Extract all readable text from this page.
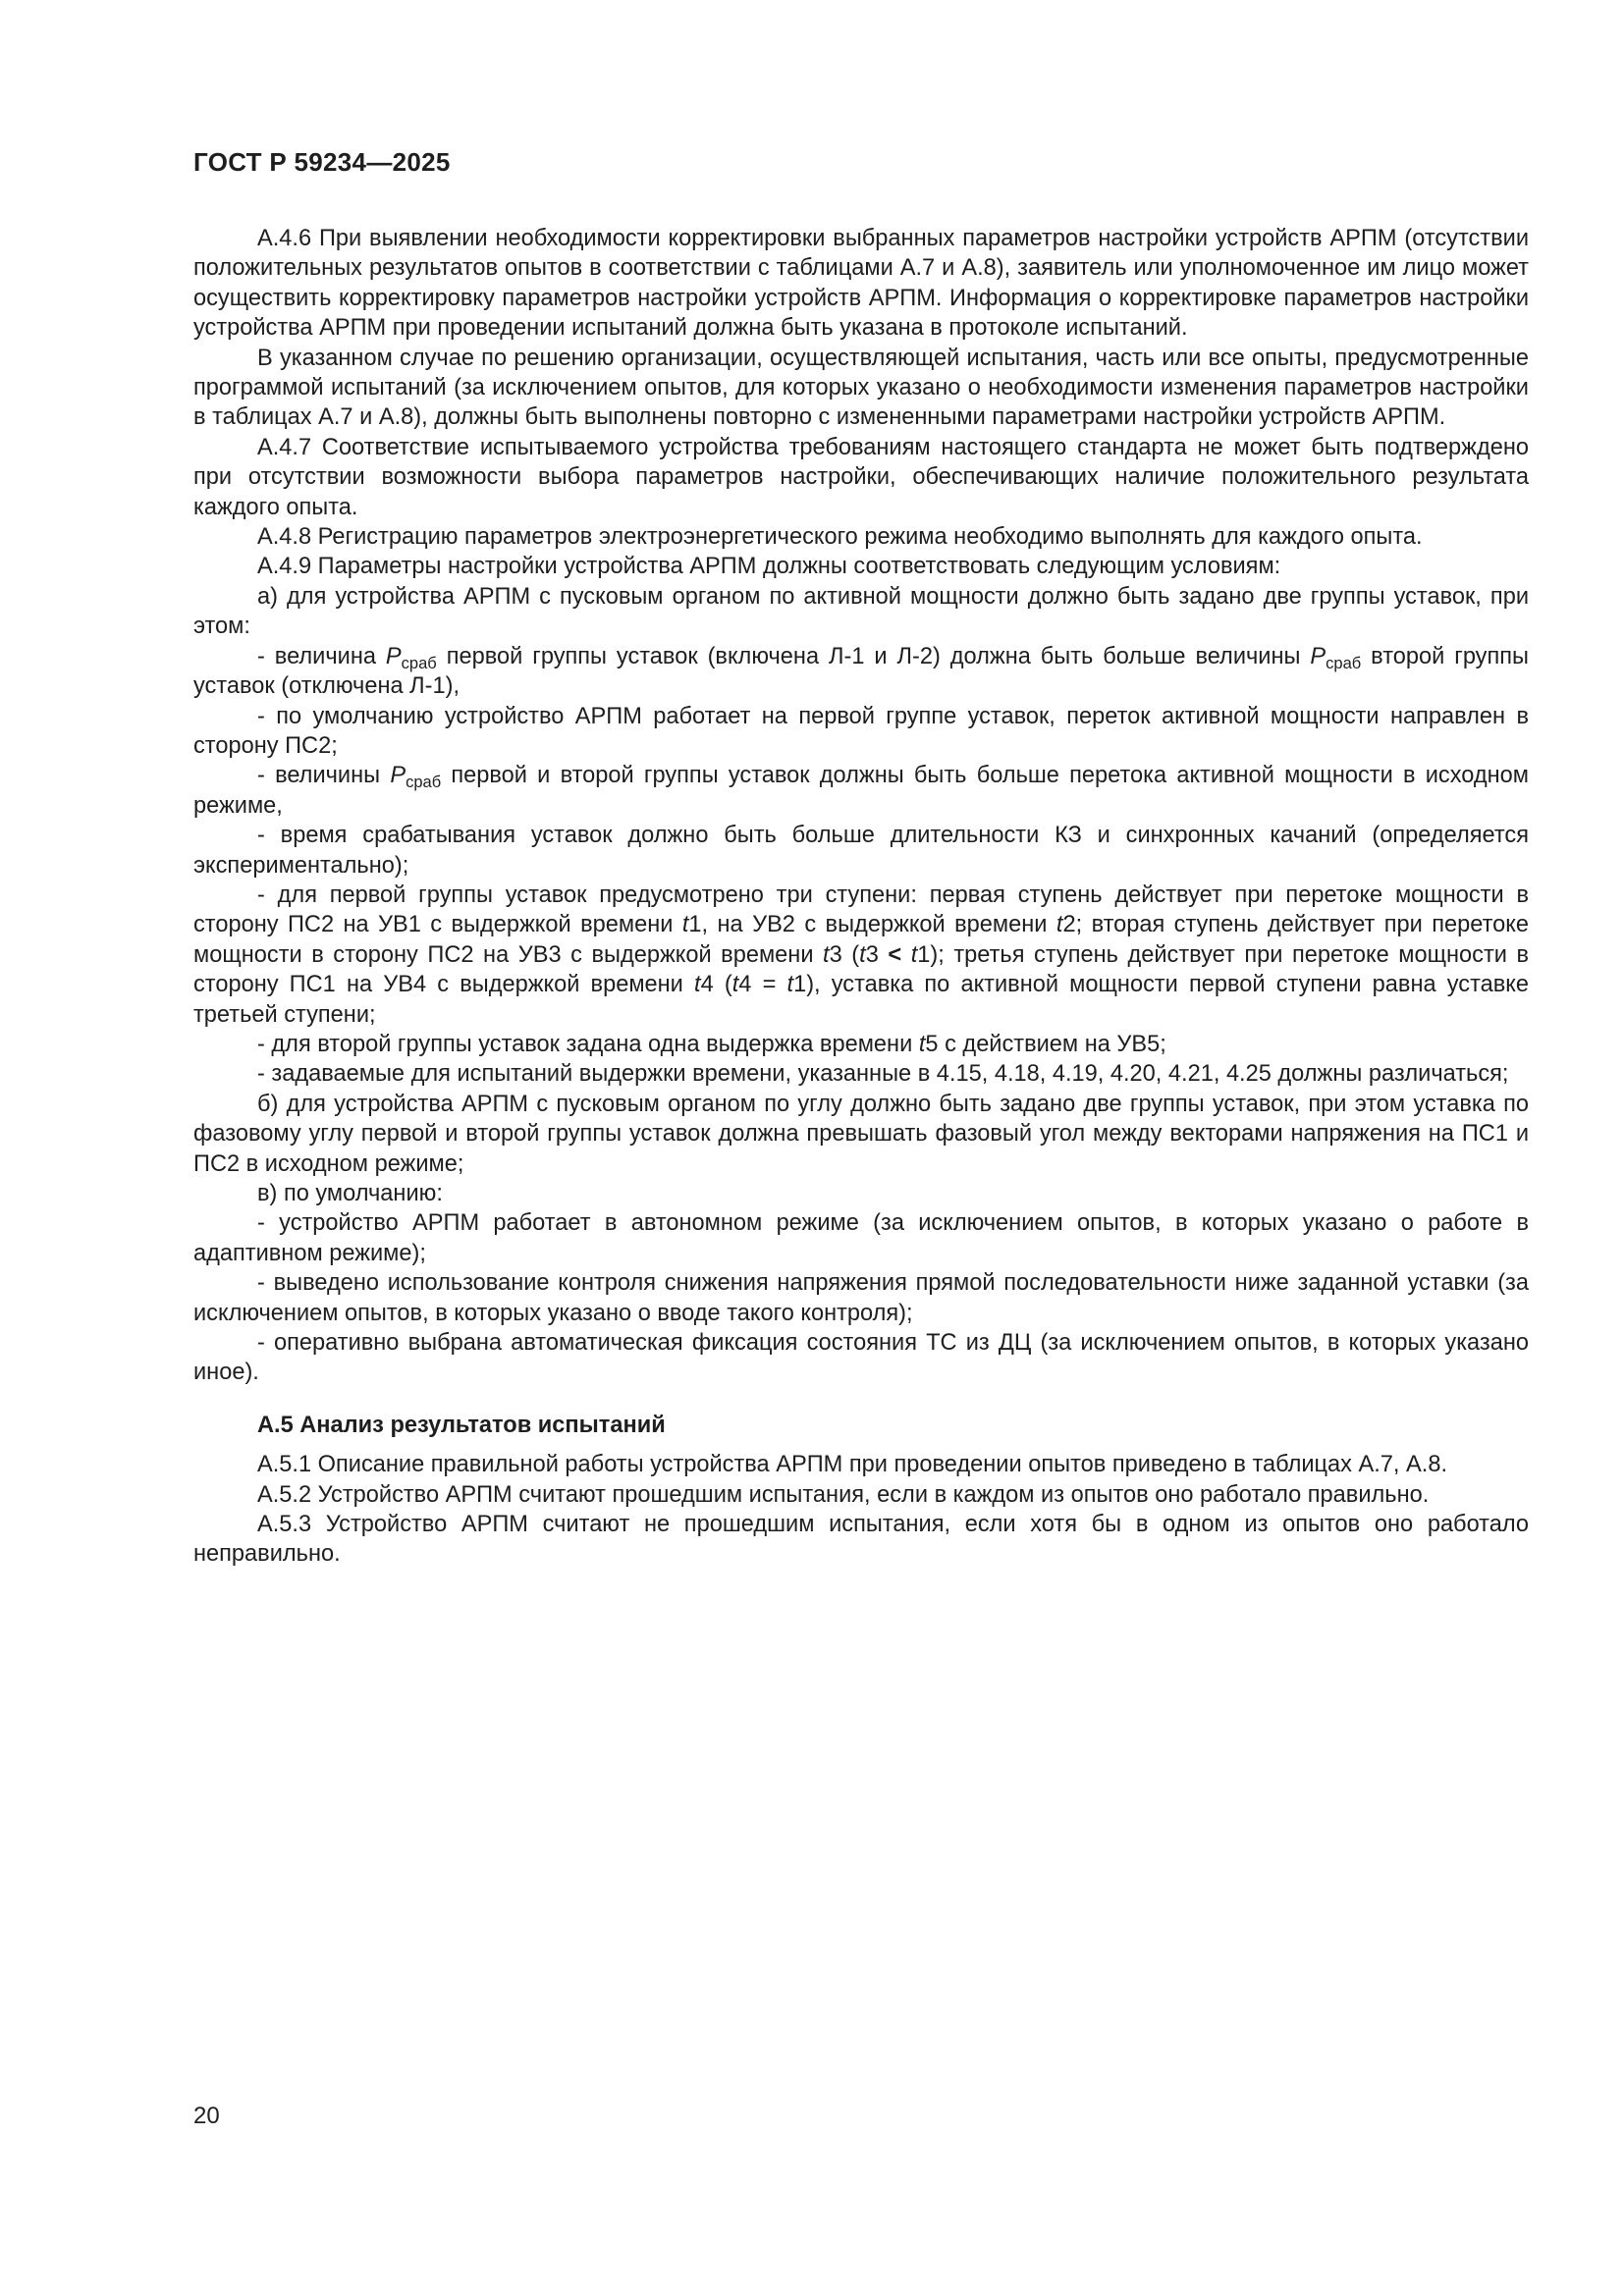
ГОСТ Р 59234—2025

А.4.6 При выявлении необходимости корректировки выбранных параметров настройки устройств АРПМ (отсутствии положительных результатов опытов в соответствии с таблицами А.7 и А.8), заявитель или уполномоченное им лицо может осуществить корректировку параметров настройки устройств АРПМ. Информация о корректировке параметров настройки устройства АРПМ при проведении испытаний должна быть указана в протоколе испытаний.

В указанном случае по решению организации, осуществляющей испытания, часть или все опыты, предусмотренные программой испытаний (за исключением опытов, для которых указано о необходимости изменения параметров настройки в таблицах А.7 и А.8), должны быть выполнены повторно с измененными параметрами настройки устройств АРПМ.

А.4.7 Соответствие испытываемого устройства требованиям настоящего стандарта не может быть подтверждено при отсутствии возможности выбора параметров настройки, обеспечивающих наличие положительного результата каждого опыта.

А.4.8 Регистрацию параметров электроэнергетического режима необходимо выполнять для каждого опыта.

А.4.9 Параметры настройки устройства АРПМ должны соответствовать следующим условиям:

а) для устройства АРПМ с пусковым органом по активной мощности должно быть задано две группы уставок, при этом:

- величина $P_{сраб}$ первой группы уставок (включена Л-1 и Л-2) должна быть больше величины $P_{сраб}$ второй группы уставок (отключена Л-1),

- по умолчанию устройство АРПМ работает на первой группе уставок, переток активной мощности направлен в сторону ПС2;

- величины $P_{сраб}$ первой и второй группы уставок должны быть больше перетока активной мощности в исходном режиме,

- время срабатывания уставок должно быть больше длительности КЗ и синхронных качаний (определяется экспериментально);

- для первой группы уставок предусмотрено три ступени: первая ступень действует при перетоке мощности в сторону ПС2 на УВ1 с выдержкой времени t1, на УВ2 с выдержкой времени t2; вторая ступень действует при перетоке мощности в сторону ПС2 на УВ3 с выдержкой времени t3 (t3 < t1); третья ступень действует при перетоке мощности в сторону ПС1 на УВ4 с выдержкой времени t4 (t4 = t1), уставка по активной мощности первой ступени равна уставке третьей ступени;

- для второй группы уставок задана одна выдержка времени t5 с действием на УВ5;

- задаваемые для испытаний выдержки времени, указанные в 4.15, 4.18, 4.19, 4.20, 4.21, 4.25 должны различаться;

б) для устройства АРПМ с пусковым органом по углу должно быть задано две группы уставок, при этом уставка по фазовому углу первой и второй группы уставок должна превышать фазовый угол между векторами напряжения на ПС1 и ПС2 в исходном режиме;

в) по умолчанию:

- устройство АРПМ работает в автономном режиме (за исключением опытов, в которых указано о работе в адаптивном режиме);

- выведено использование контроля снижения напряжения прямой последовательности ниже заданной уставки (за исключением опытов, в которых указано о вводе такого контроля);

- оперативно выбрана автоматическая фиксация состояния ТС из ДЦ (за исключением опытов, в которых указано иное).

А.5 Анализ результатов испытаний

А.5.1 Описание правильной работы устройства АРПМ при проведении опытов приведено в таблицах А.7, А.8.

А.5.2 Устройство АРПМ считают прошедшим испытания, если в каждом из опытов оно работало правильно.

А.5.3 Устройство АРПМ считают не прошедшим испытания, если хотя бы в одном из опытов оно работало неправильно.

20
